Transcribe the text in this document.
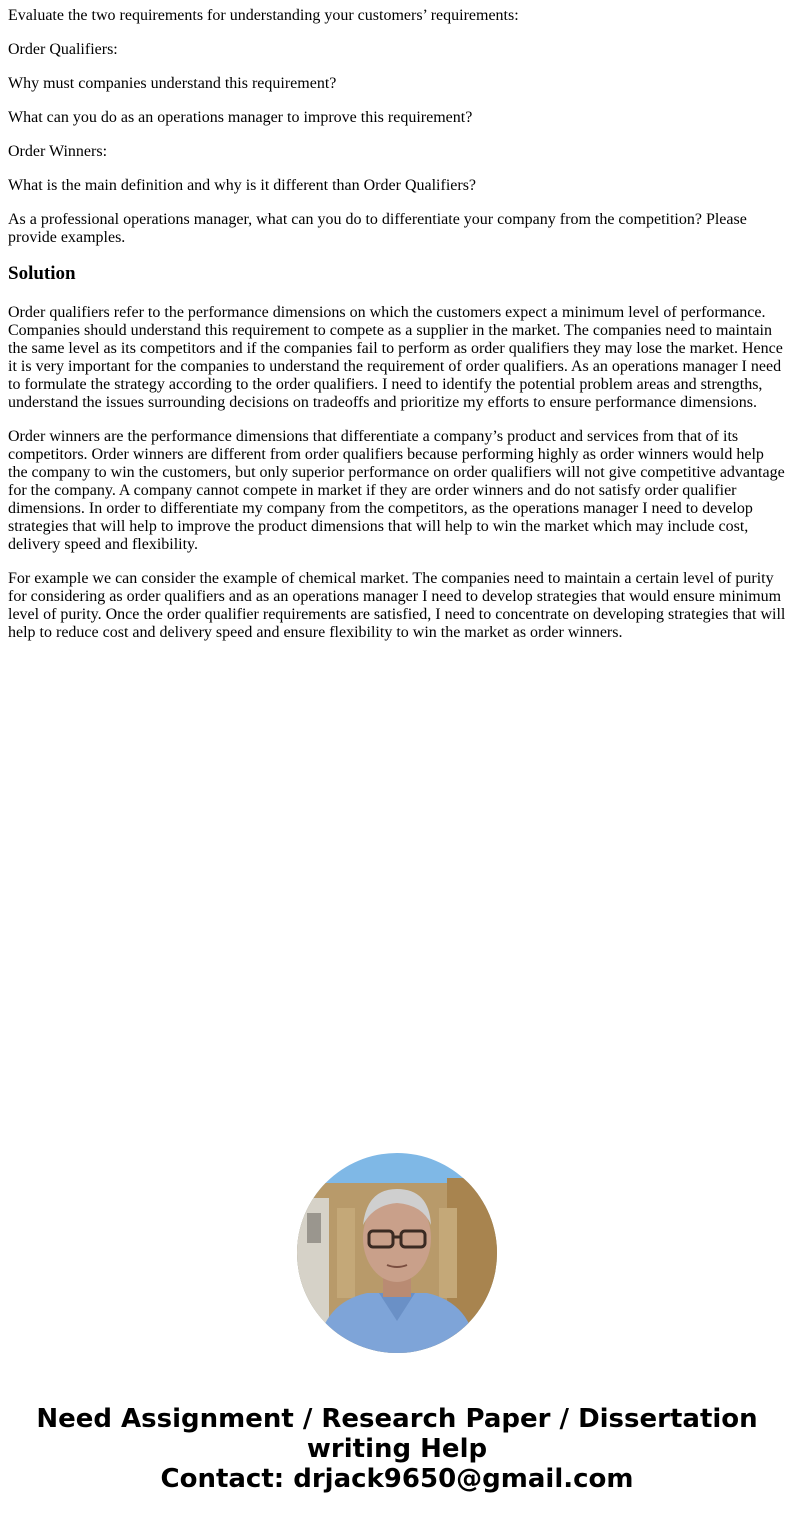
Evaluate the two requirements for understanding your customers’ requirements:

Order Qualifiers:

Why must companies understand this requirement?

What can you do as an operations manager to improve this requirement?

Order Winners:

What is the main definition and why is it different than Order Qualifiers?

As a professional operations manager, what can you do to differentiate your company from the competition? Please provide examples.

Solution

Order qualifiers refer to the performance dimensions on which the customers expect a minimum level of performance. Companies should understand this requirement to compete as a supplier in the market. The companies need to maintain the same level as its competitors and if the companies fail to perform as order qualifiers they may lose the market. Hence it is very important for the companies to understand the requirement of order qualifiers. As an operations manager I need to formulate the strategy according to the order qualifiers. I need to identify the potential problem areas and strengths, understand the issues surrounding decisions on tradeoffs and prioritize my efforts to ensure performance dimensions.

Order winners are the performance dimensions that differentiate a company’s product and services from that of its competitors. Order winners are different from order qualifiers because performing highly as order winners would help the company to win the customers, but only superior performance on order qualifiers will not give competitive advantage for the company. A company cannot compete in market if they are order winners and do not satisfy order qualifier dimensions. In order to differentiate my company from the competitors, as the operations manager I need to develop strategies that will help to improve the product dimensions that will help to win the market which may include cost, delivery speed and flexibility.

For example we can consider the example of chemical market. The companies need to maintain a certain level of purity for considering as order qualifiers and as an operations manager I need to develop strategies that would ensure minimum level of purity. Once the order qualifier requirements are satisfied, I need to concentrate on developing strategies that will help to reduce cost and delivery speed and ensure flexibility to win the market as order winners.

Need Assignment / Research Paper / Dissertation
writing Help
Contact: drjack9650@gmail.com
